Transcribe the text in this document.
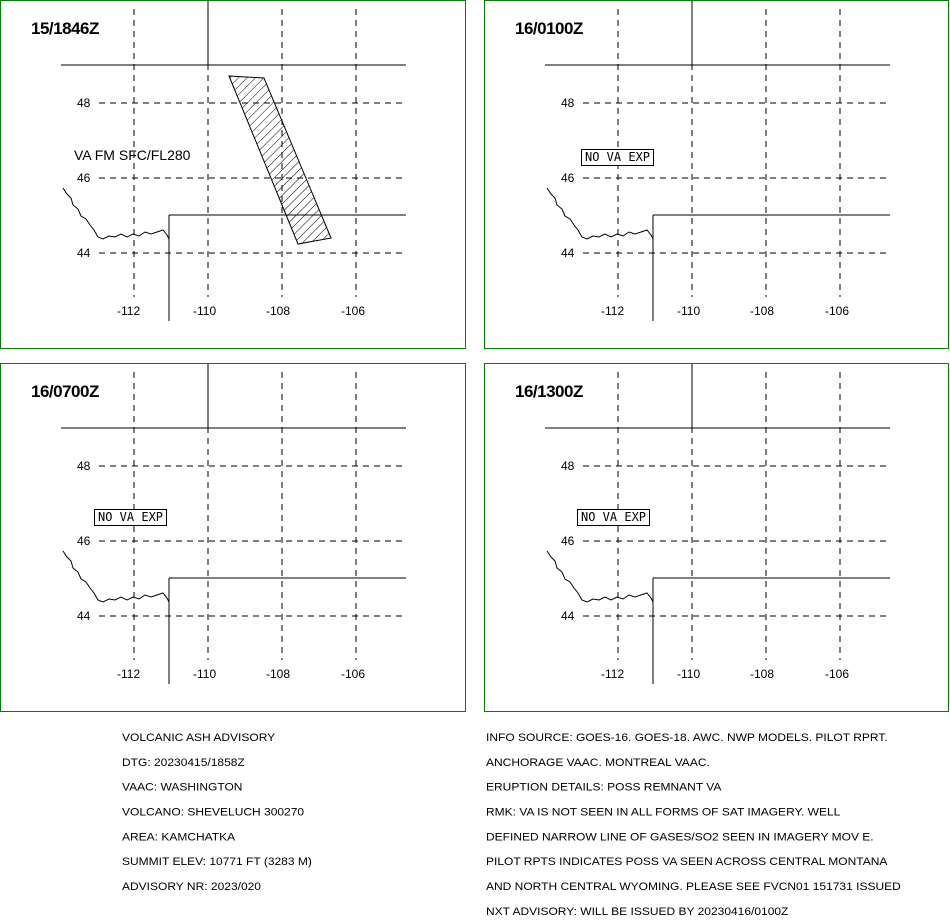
15/1846Z
VA FM SFC/FL280
48
46
44
-112	-110	-108	-106
16/0100Z
NO VA EXP
48
46
44
-112	-110	-108	-106
16/0700Z
NO VA EXP
48
46
44
-112	-110	-108	-106
16/1300Z
NO VA EXP
48
46
44
-112	-110	-108	-106

VOLCANIC ASH ADVISORY

DTG: 20230415/1858Z

VAAC: WASHINGTON

VOLCANO: SHEVELUCH 300270

AREA: KAMCHATKA

SUMMIT ELEV: 10771 FT (3283 M)

ADVISORY NR: 2023/020

INFO SOURCE: GOES-16. GOES-18. AWC. NWP MODELS. PILOT RPRT.

ANCHORAGE VAAC. MONTREAL VAAC.

ERUPTION DETAILS: POSS REMNANT VA

RMK: VA IS NOT SEEN IN ALL FORMS OF SAT IMAGERY. WELL

DEFINED NARROW LINE OF GASES/SO2 SEEN IN IMAGERY MOV E.

PILOT RPTS INDICATES POSS VA SEEN ACROSS CENTRAL MONTANA

AND NORTH CENTRAL WYOMING. PLEASE SEE FVCN01 151731 ISSUED

NXT ADVISORY: WILL BE ISSUED BY 20230416/0100Z
